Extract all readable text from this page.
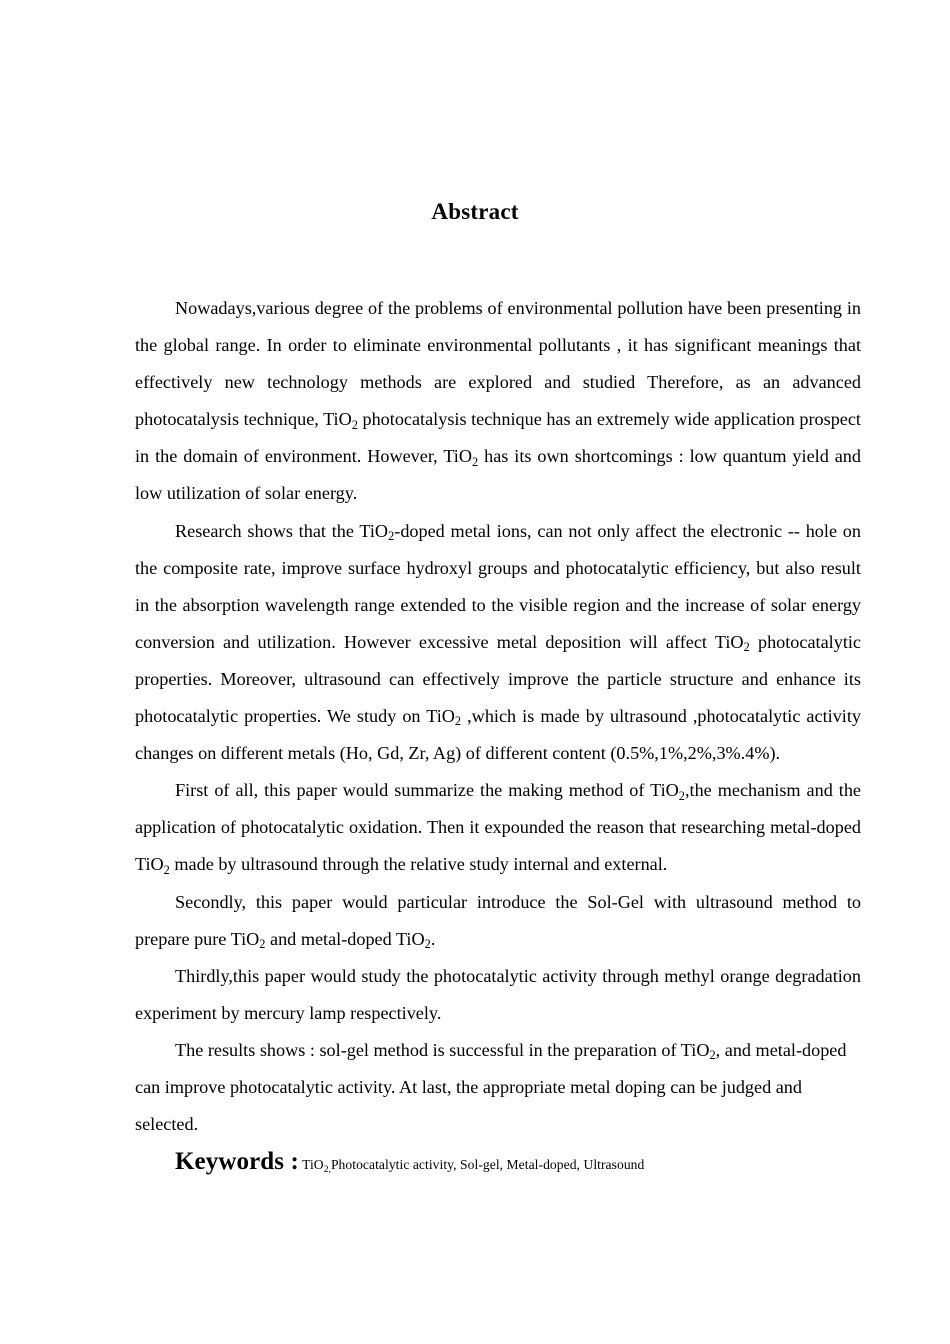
Abstract

Nowadays,various degree of the problems of environmental pollution have been presenting in the global range. In order to eliminate environmental pollutants , it has significant meanings that effectively new technology methods are explored and studied Therefore, as an advanced photocatalysis technique, TiO$_2$ photocatalysis technique has an extremely wide application prospect in the domain of environment. However, TiO$_2$ has its own shortcomings : low quantum yield and low utilization of solar energy.

Research shows that the TiO$_2$-doped metal ions, can not only affect the electronic -- hole on the composite rate, improve surface hydroxyl groups and photocatalytic efficiency, but also result in the absorption wavelength range extended to the visible region and the increase of solar energy conversion and utilization. However excessive metal deposition will affect TiO$_2$ photocatalytic properties. Moreover, ultrasound can effectively improve the particle structure and enhance its photocatalytic properties. We study on TiO$_2$ ,which is made by ultrasound ,photocatalytic activity changes on different metals (Ho, Gd, Zr, Ag) of different content (0.5%,1%,2%,3%.4%).

First of all, this paper would summarize the making method of TiO$_2$,the mechanism and the application of photocatalytic oxidation. Then it expounded the reason that researching metal-doped TiO$_2$ made by ultrasound through the relative study internal and external.

Secondly, this paper would particular introduce the Sol-Gel with ultrasound method to prepare pure TiO$_2$ and metal-doped TiO$_2$.

Thirdly,this paper would study the photocatalytic activity through methyl orange degradation experiment by mercury lamp respectively.

The results shows : sol-gel method is successful in the preparation of TiO$_2$, and metal-doped can improve photocatalytic activity. At last, the appropriate metal doping can be judged and selected.

Keywords : TiO$_{2,}$Photocatalytic activity, Sol-gel, Metal-doped, Ultrasound
